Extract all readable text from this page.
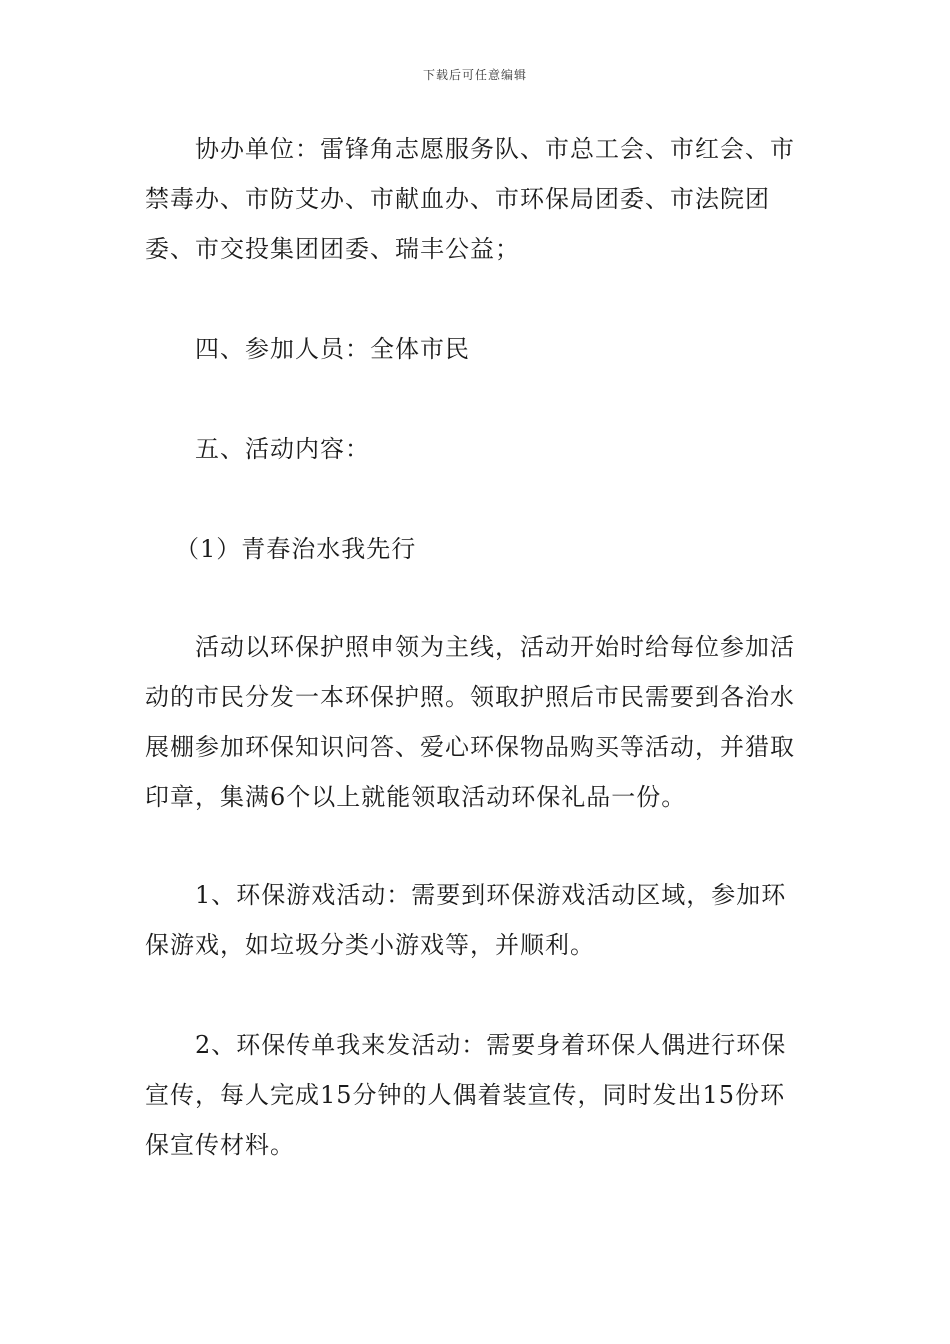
下载后可任意编辑

协办单位：雷锋角志愿服务队、市总工会、市红会、市禁毒办、市防艾办、市献血办、市环保局团委、市法院团委、市交投集团团委、瑞丰公益；

四、参加人员：全体市民

五、活动内容：

（1）青春治水我先行

活动以环保护照申领为主线，活动开始时给每位参加活动的市民分发一本环保护照。领取护照后市民需要到各治水展棚参加环保知识问答、爱心环保物品购买等活动，并猎取印章，集满6个以上就能领取活动环保礼品一份。

1、环保游戏活动：需要到环保游戏活动区域，参加环保游戏，如垃圾分类小游戏等，并顺利。

2、环保传单我来发活动：需要身着环保人偶进行环保宣传，每人完成15分钟的人偶着装宣传，同时发出15份环保宣传材料。
